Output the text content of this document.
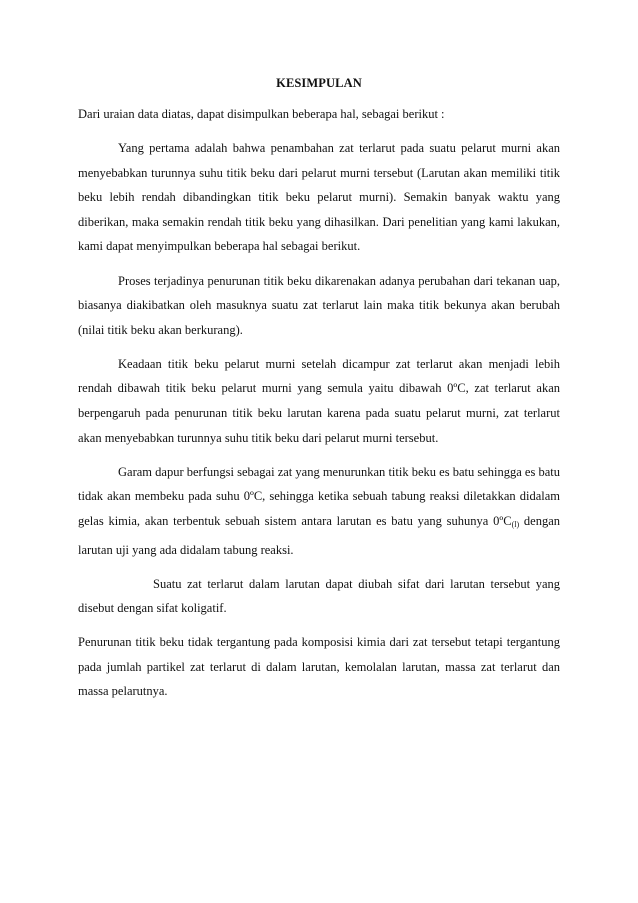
KESIMPULAN

Dari uraian data diatas, dapat disimpulkan beberapa hal, sebagai berikut :

Yang pertama adalah bahwa penambahan zat terlarut pada suatu pelarut murni akan menyebabkan turunnya suhu titik beku dari pelarut murni tersebut (Larutan akan memiliki titik beku lebih rendah dibandingkan titik beku pelarut murni). Semakin banyak waktu yang diberikan, maka semakin rendah titik beku yang dihasilkan. Dari penelitian yang kami lakukan, kami dapat menyimpulkan beberapa hal sebagai berikut.

Proses terjadinya penurunan titik beku dikarenakan adanya perubahan dari tekanan uap, biasanya diakibatkan oleh masuknya suatu zat terlarut lain maka titik bekunya akan berubah (nilai titik beku akan berkurang).

Keadaan titik beku pelarut murni setelah dicampur zat terlarut akan menjadi lebih rendah dibawah titik beku pelarut murni yang semula yaitu dibawah 0ºC, zat terlarut akan berpengaruh pada penurunan titik beku larutan karena pada suatu pelarut murni, zat terlarut akan menyebabkan turunnya suhu titik beku dari pelarut murni tersebut.

Garam dapur berfungsi sebagai zat yang menurunkan titik beku es batu sehingga es batu tidak akan membeku pada suhu 0ºC, sehingga ketika sebuah tabung reaksi diletakkan didalam gelas kimia, akan terbentuk sebuah sistem antara larutan es batu yang suhunya 0ºC$_{(l)}$ dengan larutan uji yang ada didalam tabung reaksi.

Suatu zat terlarut dalam larutan dapat diubah sifat dari larutan tersebut yang disebut dengan sifat koligatif.

Penurunan titik beku tidak tergantung pada komposisi kimia dari zat tersebut tetapi tergantung pada jumlah partikel zat terlarut di dalam larutan, kemolalan larutan, massa zat terlarut dan massa pelarutnya.
